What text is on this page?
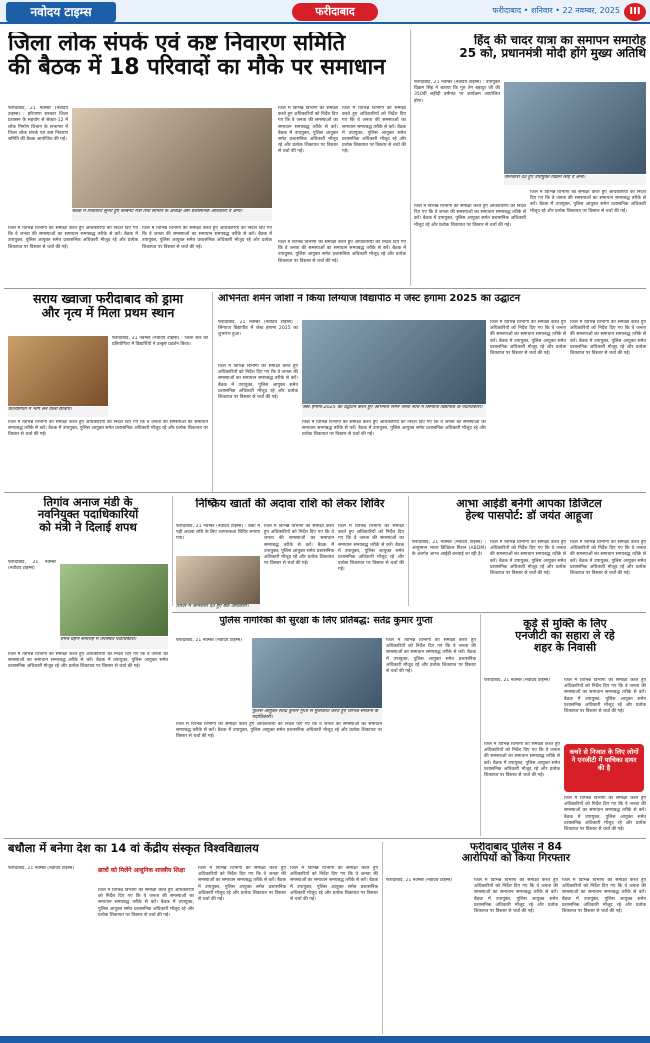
नवोदय टाइम्स	फरीदाबाद	फरीदाबाद • शनिवार • 22 नवम्बर, 2025 III
जिला लोक संपर्क एवं कष्ट निवारण समिति
की बैठक में 18 परिवादों का मौके पर समाधान
फरीदाबाद, 21 नवम्बर (नवोदय टाइम्स) : हरियाणा सरकार जिला प्रशासन के सहयोग से सेक्टर-12 में लोक निर्माण विभाग के सभागार में जिला लोक संपर्क एवं कष्ट निवारण समिति की बैठक आयोजित की गई।
बैठक में शिकायतें सुनते हुए केबिनेट मंत्री तथा समिति के अध्यक्ष और प्रशासनिक अधिकारी व अन्य।
जिले में विभिन्न विभागों की समीक्षा करते हुए अधिकारियों को निर्देश दिए गए कि वे जनता की समस्याओं का समाधान समयबद्ध तरीके से करें। बैठक में उपायुक्त, पुलिस आयुक्त समेत प्रशासनिक अधिकारी मौजूद रहे और प्रत्येक शिकायत पर विस्तार से चर्चा की गई।
जिले में विभिन्न विभागों की समीक्षा करते हुए अधिकारियों को निर्देश दिए गए कि वे जनता की समस्याओं का समाधान समयबद्ध तरीके से करें। बैठक में उपायुक्त, पुलिस आयुक्त समेत प्रशासनिक अधिकारी मौजूद रहे और प्रत्येक शिकायत पर विस्तार से चर्चा की गई।
जिले में विभिन्न विभागों की समीक्षा करते हुए अधिकारियों को निर्देश दिए गए कि वे जनता की समस्याओं का समाधान समयबद्ध तरीके से करें। बैठक में उपायुक्त, पुलिस आयुक्त समेत प्रशासनिक अधिकारी मौजूद रहे और प्रत्येक शिकायत पर विस्तार से चर्चा की गई।
जिले में विभिन्न विभागों की समीक्षा करते हुए अधिकारियों को निर्देश दिए गए कि वे जनता की समस्याओं का समाधान समयबद्ध तरीके से करें। बैठक में उपायुक्त, पुलिस आयुक्त समेत प्रशासनिक अधिकारी मौजूद रहे और प्रत्येक शिकायत पर विस्तार से चर्चा की गई।
जिले में विभिन्न विभागों की समीक्षा करते हुए अधिकारियों को निर्देश दिए गए कि वे जनता की समस्याओं का समाधान समयबद्ध तरीके से करें। बैठक में उपायुक्त, पुलिस आयुक्त समेत प्रशासनिक अधिकारी मौजूद रहे और प्रत्येक शिकायत पर विस्तार से चर्चा की गई।
हिंद की चादर यात्रा का समापन समारोह
25 को, प्रधानमंत्री मोदी होंगे मुख्य अतिथि
फरीदाबाद, 21 नवम्बर (नवोदय टाइम्स) : उपायुक्त विक्रम सिंह ने बताया कि गुरु तेग बहादुर जी की 350वीं शहीदी वर्षगांठ पर कार्यक्रम आयोजित होगा।
जानकारी देते हुए उपायुक्त विक्रम सिंह व अन्य।
जिले में विभिन्न विभागों की समीक्षा करते हुए अधिकारियों को निर्देश दिए गए कि वे जनता की समस्याओं का समाधान समयबद्ध तरीके से करें। बैठक में उपायुक्त, पुलिस आयुक्त समेत प्रशासनिक अधिकारी मौजूद रहे और प्रत्येक शिकायत पर विस्तार से चर्चा की गई।
जिले में विभिन्न विभागों की समीक्षा करते हुए अधिकारियों को निर्देश दिए गए कि वे जनता की समस्याओं का समाधान समयबद्ध तरीके से करें। बैठक में उपायुक्त, पुलिस आयुक्त समेत प्रशासनिक अधिकारी मौजूद रहे और प्रत्येक शिकायत पर विस्तार से चर्चा की गई।
सराय ख्वाजा फरीदाबाद को ड्रामा
और नृत्य में मिला प्रथम स्थान
प्रतियोगिता में भाग लेने वाली छात्राएं।
फरीदाबाद, 21 नवम्बर (नवोदय टाइम्स) : जिला स्तर की प्रतियोगिता में विद्यार्थियों ने उत्कृष्ट प्रदर्शन किया।
जिले में विभिन्न विभागों की समीक्षा करते हुए अधिकारियों को निर्देश दिए गए कि वे जनता की समस्याओं का समाधान समयबद्ध तरीके से करें। बैठक में उपायुक्त, पुलिस आयुक्त समेत प्रशासनिक अधिकारी मौजूद रहे और प्रत्येक शिकायत पर विस्तार से चर्चा की गई।
अभिनेता शर्मन जोशी ने किया लिंग्याज विद्यापीठ में जेस्ट हंगामा 2025 का उद्घाटन
फरीदाबाद, 21 नवम्बर (नवोदय टाइम्स) : लिंग्याज विद्यापीठ में जेस्ट हंगामा 2025 का शुभारंभ हुआ।
जेस्ट हंगामा 2025 का उद्घाटन करते हुए अभिनेता शर्मन जोशी साथ में लिंग्याज विद्यापीठ के पदाधिकारी।
जिले में विभिन्न विभागों की समीक्षा करते हुए अधिकारियों को निर्देश दिए गए कि वे जनता की समस्याओं का समाधान समयबद्ध तरीके से करें। बैठक में उपायुक्त, पुलिस आयुक्त समेत प्रशासनिक अधिकारी मौजूद रहे और प्रत्येक शिकायत पर विस्तार से चर्चा की गई।
जिले में विभिन्न विभागों की समीक्षा करते हुए अधिकारियों को निर्देश दिए गए कि वे जनता की समस्याओं का समाधान समयबद्ध तरीके से करें। बैठक में उपायुक्त, पुलिस आयुक्त समेत प्रशासनिक अधिकारी मौजूद रहे और प्रत्येक शिकायत पर विस्तार से चर्चा की गई।
जिले में विभिन्न विभागों की समीक्षा करते हुए अधिकारियों को निर्देश दिए गए कि वे जनता की समस्याओं का समाधान समयबद्ध तरीके से करें। बैठक में उपायुक्त, पुलिस आयुक्त समेत प्रशासनिक अधिकारी मौजूद रहे और प्रत्येक शिकायत पर विस्तार से चर्चा की गई।
जिले में विभिन्न विभागों की समीक्षा करते हुए अधिकारियों को निर्देश दिए गए कि वे जनता की समस्याओं का समाधान समयबद्ध तरीके से करें। बैठक में उपायुक्त, पुलिस आयुक्त समेत प्रशासनिक अधिकारी मौजूद रहे और प्रत्येक शिकायत पर विस्तार से चर्चा की गई।
तिगांव अनाज मंडी के
नवनियुक्त पदाधिकारियों
को मंत्री ने दिलाई शपथ
फरीदाबाद, 21 नवम्बर (नवोदय टाइम्स)
शपथ ग्रहण समारोह में उपस्थित पदाधिकारी।
जिले में विभिन्न विभागों की समीक्षा करते हुए अधिकारियों को निर्देश दिए गए कि वे जनता की समस्याओं का समाधान समयबद्ध तरीके से करें। बैठक में उपायुक्त, पुलिस आयुक्त समेत प्रशासनिक अधिकारी मौजूद रहे और प्रत्येक शिकायत पर विस्तार से चर्चा की गई।
निष्क्रिय खातों की अदावा राशि को लेकर शिविर
फरीदाबाद, 21 नवम्बर (नवोदय टाइम्स) : बैंकों में पड़ी अदावा राशि के लिए जागरूकता शिविर लगाया गया।
शिविर में जानकारी देते हुए बैंक अधिकारी।
जिले में विभिन्न विभागों की समीक्षा करते हुए अधिकारियों को निर्देश दिए गए कि वे जनता की समस्याओं का समाधान समयबद्ध तरीके से करें। बैठक में उपायुक्त, पुलिस आयुक्त समेत प्रशासनिक अधिकारी मौजूद रहे और प्रत्येक शिकायत पर विस्तार से चर्चा की गई।
जिले में विभिन्न विभागों की समीक्षा करते हुए अधिकारियों को निर्देश दिए गए कि वे जनता की समस्याओं का समाधान समयबद्ध तरीके से करें। बैठक में उपायुक्त, पुलिस आयुक्त समेत प्रशासनिक अधिकारी मौजूद रहे और प्रत्येक शिकायत पर विस्तार से चर्चा की गई।
आभा आईडी बनेगी आपका डिजिटल
हेल्थ पासपोर्ट: डॉ जयंत आहूजा
फरीदाबाद, 21 नवम्बर (नवोदय टाइम्स) : आयुष्मान भारत डिजिटल मिशन (ABDM) के अंतर्गत आभा आईडी बनवाई जा रही है।
जिले में विभिन्न विभागों की समीक्षा करते हुए अधिकारियों को निर्देश दिए गए कि वे जनता की समस्याओं का समाधान समयबद्ध तरीके से करें। बैठक में उपायुक्त, पुलिस आयुक्त समेत प्रशासनिक अधिकारी मौजूद रहे और प्रत्येक शिकायत पर विस्तार से चर्चा की गई।
जिले में विभिन्न विभागों की समीक्षा करते हुए अधिकारियों को निर्देश दिए गए कि वे जनता की समस्याओं का समाधान समयबद्ध तरीके से करें। बैठक में उपायुक्त, पुलिस आयुक्त समेत प्रशासनिक अधिकारी मौजूद रहे और प्रत्येक शिकायत पर विस्तार से चर्चा की गई।
पुलिस नागरिकों की सुरक्षा के लिए प्रतिबद्ध: सतेंद्र कुमार गुप्ता
फरीदाबाद, 21 नवम्बर (नवोदय टाइम्स)
पुलिस आयुक्त सतेंद्र कुमार गुप्ता से मुलाकात करते हुए विभिन्न संगठनों के पदाधिकारी।
जिले में विभिन्न विभागों की समीक्षा करते हुए अधिकारियों को निर्देश दिए गए कि वे जनता की समस्याओं का समाधान समयबद्ध तरीके से करें। बैठक में उपायुक्त, पुलिस आयुक्त समेत प्रशासनिक अधिकारी मौजूद रहे और प्रत्येक शिकायत पर विस्तार से चर्चा की गई।
जिले में विभिन्न विभागों की समीक्षा करते हुए अधिकारियों को निर्देश दिए गए कि वे जनता की समस्याओं का समाधान समयबद्ध तरीके से करें। बैठक में उपायुक्त, पुलिस आयुक्त समेत प्रशासनिक अधिकारी मौजूद रहे और प्रत्येक शिकायत पर विस्तार से चर्चा की गई।
कूड़े से मुक्ति के लिए
एनजीटी का सहारा ले रहे
शहर के निवासी
फरीदाबाद, 21 नवम्बर (नवोदय टाइम्स)
कचरे से निजात के लिए लोगों ने एनजीटी में याचिका दायर की है
जिले में विभिन्न विभागों की समीक्षा करते हुए अधिकारियों को निर्देश दिए गए कि वे जनता की समस्याओं का समाधान समयबद्ध तरीके से करें। बैठक में उपायुक्त, पुलिस आयुक्त समेत प्रशासनिक अधिकारी मौजूद रहे और प्रत्येक शिकायत पर विस्तार से चर्चा की गई।
जिले में विभिन्न विभागों की समीक्षा करते हुए अधिकारियों को निर्देश दिए गए कि वे जनता की समस्याओं का समाधान समयबद्ध तरीके से करें। बैठक में उपायुक्त, पुलिस आयुक्त समेत प्रशासनिक अधिकारी मौजूद रहे और प्रत्येक शिकायत पर विस्तार से चर्चा की गई।
जिले में विभिन्न विभागों की समीक्षा करते हुए अधिकारियों को निर्देश दिए गए कि वे जनता की समस्याओं का समाधान समयबद्ध तरीके से करें। बैठक में उपायुक्त, पुलिस आयुक्त समेत प्रशासनिक अधिकारी मौजूद रहे और प्रत्येक शिकायत पर विस्तार से चर्चा की गई।
बधौला में बनेगा देश का 14 वां केंद्रीय संस्कृत विश्वविद्यालय
फरीदाबाद, 21 नवम्बर (नवोदय टाइम्स)	छात्रों को मिलेंगे आधुनिक शास्त्रीय शिक्षा
जिले में विभिन्न विभागों की समीक्षा करते हुए अधिकारियों को निर्देश दिए गए कि वे जनता की समस्याओं का समाधान समयबद्ध तरीके से करें। बैठक में उपायुक्त, पुलिस आयुक्त समेत प्रशासनिक अधिकारी मौजूद रहे और प्रत्येक शिकायत पर विस्तार से चर्चा की गई।
जिले में विभिन्न विभागों की समीक्षा करते हुए अधिकारियों को निर्देश दिए गए कि वे जनता की समस्याओं का समाधान समयबद्ध तरीके से करें। बैठक में उपायुक्त, पुलिस आयुक्त समेत प्रशासनिक अधिकारी मौजूद रहे और प्रत्येक शिकायत पर विस्तार से चर्चा की गई।
जिले में विभिन्न विभागों की समीक्षा करते हुए अधिकारियों को निर्देश दिए गए कि वे जनता की समस्याओं का समाधान समयबद्ध तरीके से करें। बैठक में उपायुक्त, पुलिस आयुक्त समेत प्रशासनिक अधिकारी मौजूद रहे और प्रत्येक शिकायत पर विस्तार से चर्चा की गई।
फरीदाबाद पुलिस ने 84
आरोपियों को किया गिरफ्तार
फरीदाबाद, 21 नवम्बर (नवोदय टाइम्स)	जिले में विभिन्न विभागों की समीक्षा करते हुए अधिकारियों को निर्देश दिए गए कि वे जनता की समस्याओं का समाधान समयबद्ध तरीके से करें। बैठक में उपायुक्त, पुलिस आयुक्त समेत प्रशासनिक अधिकारी मौजूद रहे और प्रत्येक शिकायत पर विस्तार से चर्चा की गई।
जिले में विभिन्न विभागों की समीक्षा करते हुए अधिकारियों को निर्देश दिए गए कि वे जनता की समस्याओं का समाधान समयबद्ध तरीके से करें। बैठक में उपायुक्त, पुलिस आयुक्त समेत प्रशासनिक अधिकारी मौजूद रहे और प्रत्येक शिकायत पर विस्तार से चर्चा की गई।
